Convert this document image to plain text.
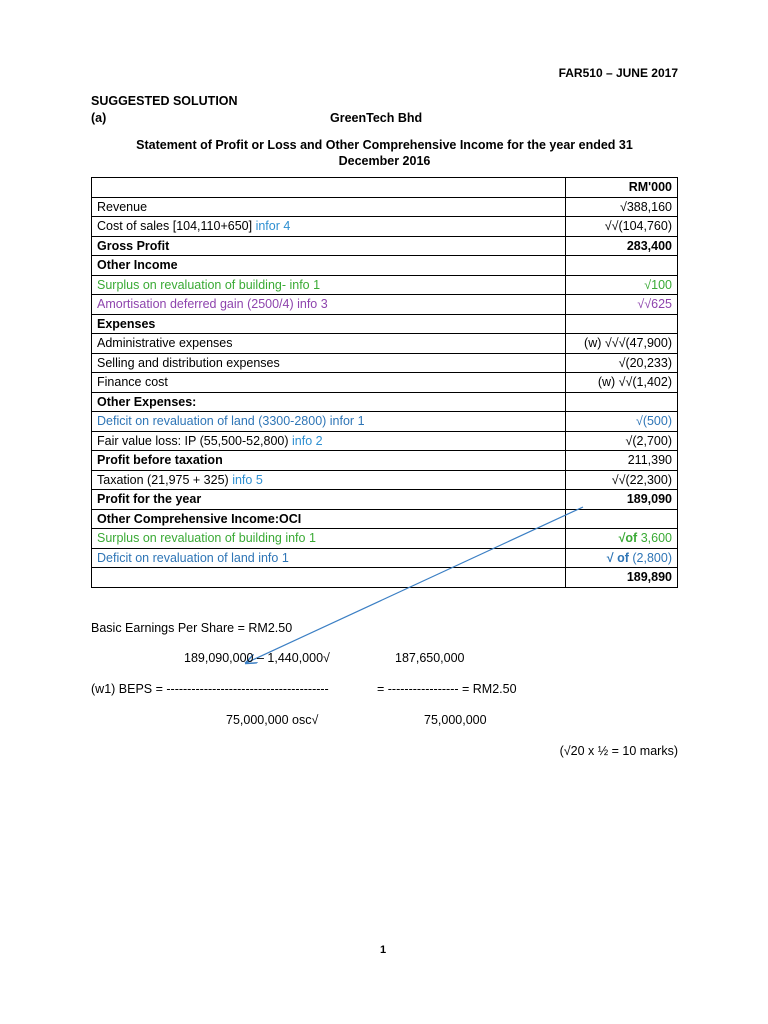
FAR510 – JUNE 2017
SUGGESTED SOLUTION
(a)	GreenTech Bhd
Statement of Profit or Loss and Other Comprehensive Income for the year ended 31
December 2016
	RM'000
Revenue	√388,160
Cost of sales [104,110+650] infor 4	√√(104,760)
Gross Profit	283,400
Other Income	
Surplus on revaluation of building- info 1	√100
Amortisation deferred gain (2500/4) info 3	√√625
Expenses	
Administrative expenses	(w) √√√(47,900)
Selling and distribution expenses	√(20,233)
Finance cost	(w) √√(1,402)
Other Expenses:	
Deficit on revaluation of land (3300-2800) infor 1	√(500)
Fair value loss: IP (55,500-52,800) info 2	√(2,700)
Profit before taxation	211,390
Taxation (21,975 + 325) info 5	√√(22,300)
Profit for the year	189,090
Other Comprehensive Income:OCI	
Surplus on revaluation of building info 1	√of 3,600
Deficit on revaluation of land info 1	√ of (2,800)
	189,890
Basic Earnings Per Share = RM2.50
189,090,000 – 1,440,000√	187,650,000
(w1) BEPS = ---------------------------------------	= ----------------- = RM2.50
75,000,000 osc√	75,000,000
(√20 x ½ = 10 marks)
1
